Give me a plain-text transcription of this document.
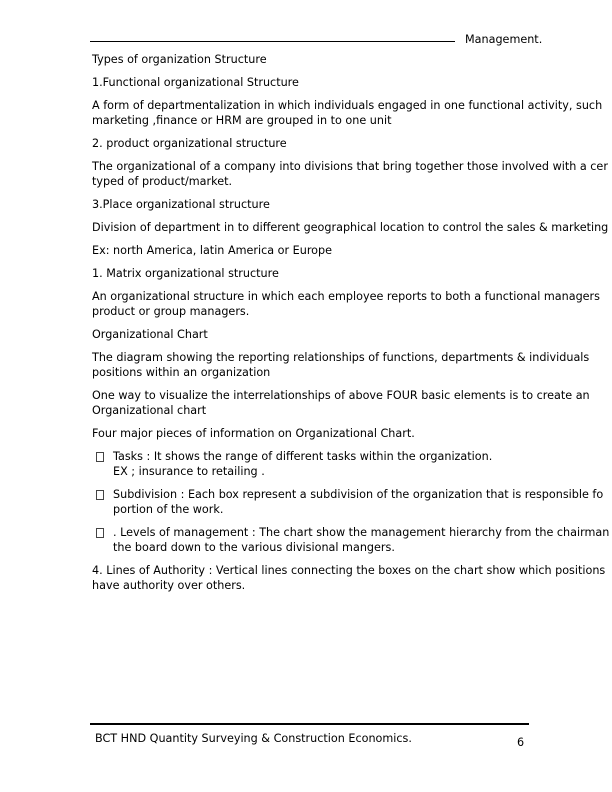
Management.
Types of organization Structure
1.Functional organizational Structure
A form of departmentalization in which individuals engaged in one functional activity, such
marketing ,finance or HRM are grouped in to one unit
2. product organizational structure
The organizational of a company into divisions that bring together those involved with a cer
typed of product/market.
3.Place organizational structure
Division of department in to different geographical location to control the sales & marketing
Ex: north America, latin America or Europe
1. Matrix organizational structure
An organizational structure in which each employee reports to both a functional managers
product or group managers.
Organizational Chart
The diagram showing the reporting relationships of functions, departments & individuals
positions within an organization
One way to visualize the interrelationships of above FOUR basic elements is to create an
Organizational chart
Four major pieces of information on Organizational Chart.
Tasks : It shows the range of different tasks within the organization.
EX ; insurance to retailing .
Subdivision : Each box represent a subdivision of the organization that is responsible fo
portion of the work.
. Levels of management : The chart show the management hierarchy from the chairman
the board down to the various divisional mangers.
4. Lines of Authority : Vertical lines connecting the boxes on the chart show which positions
have authority over others.
BCT HND Quantity Surveying & Construction Economics.	6
